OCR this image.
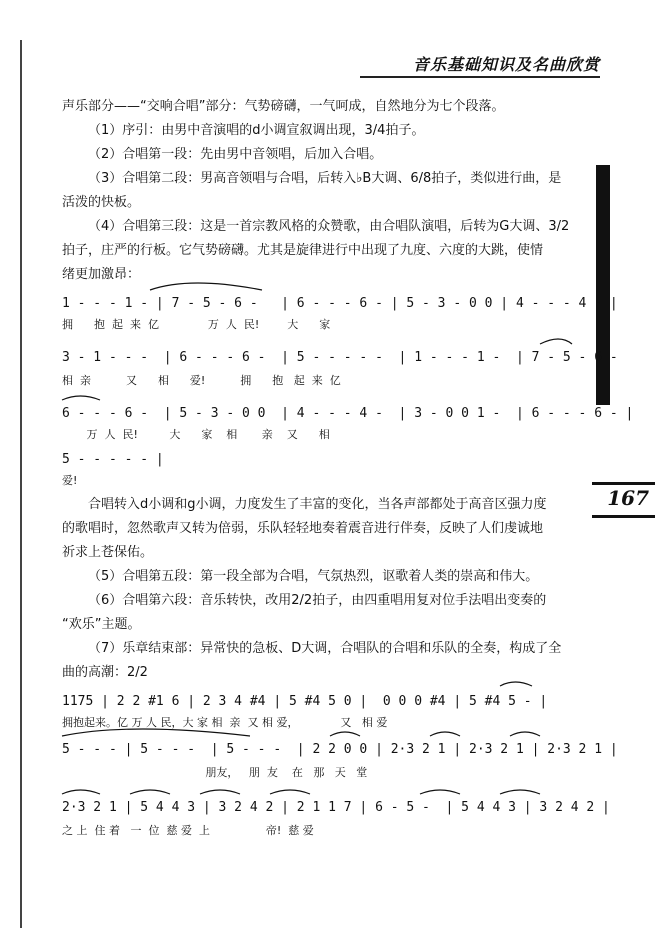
音乐基础知识及名曲欣赏
167
声乐部分——“交响合唱”部分：气势磅礴，一气呵成，自然地分为七个段落。
（1）序引：由男中音演唱的d小调宣叙调出现，3/4拍子。
（2）合唱第一段：先由男中音领唱，后加入合唱。
（3）合唱第二段：男高音领唱与合唱，后转入♭B大调、6/8拍子，类似进行曲，是
活泼的快板。
（4）合唱第三段：这是一首宗教风格的众赞歌，由合唱队演唱，后转为G大调、3/2
拍子，庄严的行板。它气势磅礴。尤其是旋律进行中出现了九度、六度的大跳，使情
绪更加激昂：
1 - - - 1 - | 7 - 5 - 6 -   | 6 - - - 6 - | 5 - 3 - 0 0 | 4 - - - 4 - |
拥      抱  起  来  亿              万  人  民!        大      家
3 - 1 - - -  | 6 - - - 6 -  | 5 - - - - -  | 1 - - - 1 -  | 7 - 5 - 6 -
相  亲          又      相      爱!          拥      抱   起  来  亿
6 - - - 6 -  | 5 - 3 - 0 0  | 4 - - - 4 -  | 3 - 0 0 1 -  | 6 - - - 6 - |
万  人  民!         大      家    相       亲    又      相
5 - - - - - |
爱!
合唱转入d小调和g小调，力度发生了丰富的变化，当各声部都处于高音区强力度
的歌唱时，忽然歌声又转为倍弱，乐队轻轻地奏着震音进行伴奏，反映了人们虔诚地
祈求上苍保佑。
（5）合唱第五段：第一段全部为合唱，气氛热烈，讴歌着人类的崇高和伟大。
（6）合唱第六段：音乐转快，改用2/2拍子，由四重唱用复对位手法唱出变奏的
“欢乐”主题。
（7）乐章结束部：异常快的急板、D大调，合唱队的合唱和乐队的全奏，构成了全
曲的高潮：2/2
1175 | 2 2 #1 6 | 2 3 4 #4 | 5 #4 5 0 |  0 0 0 #4 | 5 #4 5 - |
拥抱起来。亿 万 人 民，大 家 相  亲  又 相 爱，            又   相 爱
5 - - - | 5 - - -  | 5 - - -  | 2 2 0 0 | 2·3 2 1 | 2·3 2 1 | 2·3 2 1 |
朋友，   朋  友    在   那   天   堂
2·3 2 1 | 5 4 4 3 | 3 2 4 2 | 2 1 1 7 | 6 - 5 -  | 5 4 4 3 | 3 2 4 2 |
之 上  住 着   一  位  慈 爱  上                帝!  慈 爱
